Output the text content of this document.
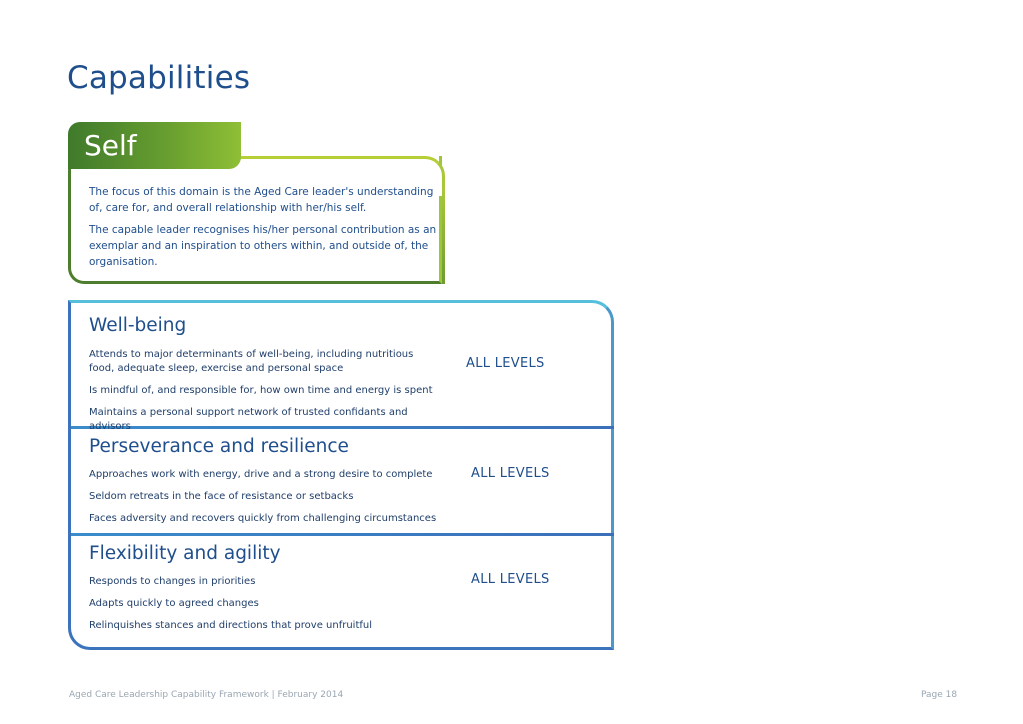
Capabilities
Self

The focus of this domain is the Aged Care leader's understanding of, care for, and overall relationship with her/his self.

The capable leader recognises his/her personal contribution as an exemplar and an inspiration to others within, and outside of, the organisation.

Well-being
Attends to major determinants of well-being, including nutritious food, adequate sleep, exercise and personal space
Is mindful of, and responsible for, how own time and energy is spent
Maintains a personal support network of trusted confidants and advisors
ALL LEVELS
Perseverance and resilience
Approaches work with energy, drive and a strong desire to complete
Seldom retreats in the face of resistance or setbacks
Faces adversity and recovers quickly from challenging circumstances
ALL LEVELS
Flexibility and agility
Responds to changes in priorities
Adapts quickly to agreed changes
Relinquishes stances and directions that prove unfruitful
ALL LEVELS
Aged Care Leadership Capability Framework | February 2014	Page 18
